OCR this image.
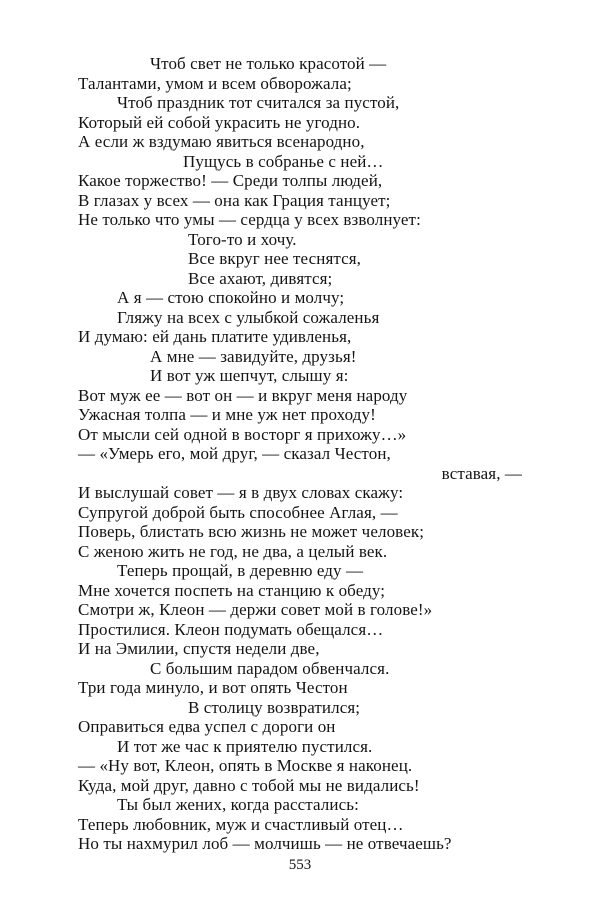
Чтоб свет не только красотой —
Талантами, умом и всем обворожала;
Чтоб праздник тот считался за пустой,
Который ей собой украсить не угодно.
А если ж вздумаю явиться всенародно,
Пущусь в собранье с ней…
Какое торжество! — Среди толпы людей,
В глазах у всех — она как Грация танцует;
Не только что умы — сердца у всех взволнует:
Того-то и хочу.
Все вкруг нее теснятся,
Все ахают, дивятся;
А я — стою спокойно и молчу;
Гляжу на всех с улыбкой сожаленья
И думаю: ей дань платите удивленья,
А мне — завидуйте, друзья!
И вот уж шепчут, слышу я:
Вот муж ее — вот он — и вкруг меня народу
Ужасная толпа — и мне уж нет проходу!
От мысли сей одной в восторг я прихожу…»
— «Умерь его, мой друг, — сказал Честон,
вставая, —
И выслушай совет — я в двух словах скажу:
Супругой доброй быть способнее Аглая, —
Поверь, блистать всю жизнь не может человек;
С женою жить не год, не два, а целый век.
Теперь прощай, в деревню еду —
Мне хочется поспеть на станцию к обеду;
Смотри ж, Клеон — держи совет мой в голове!»
Простилися. Клеон подумать обещался…
И на Эмилии, спустя недели две,
С большим парадом обвенчался.
Три года минуло, и вот опять Честон
В столицу возвратился;
Оправиться едва успел с дороги он
И тот же час к приятелю пустился.
— «Ну вот, Клеон, опять в Москве я наконец.
Куда, мой друг, давно с тобой мы не видались!
Ты был жених, когда расстались:
Теперь любовник, муж и счастливый отец…
Но ты нахмурил лоб — молчишь — не отвечаешь?
553
